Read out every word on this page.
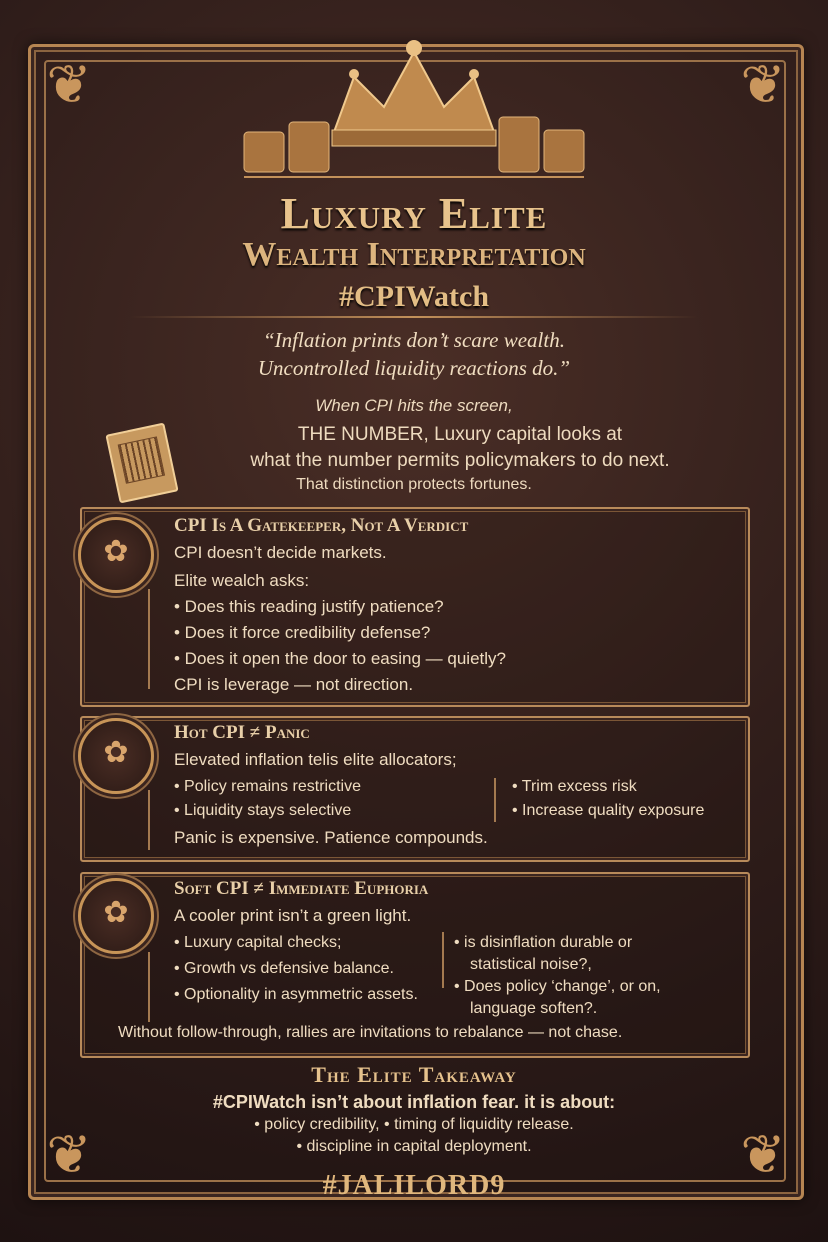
❦	❦
❦	❦
Luxury Elite
Wealth Interpretation
#CPIWatch
“Inflation prints don’t scare wealth.
Uncontrolled liquidity reactions do.”
When CPI hits the screen,
THE NUMBER, Luxury capital looks at
what the number permits policymakers to do next.
That distinction protects fortunes.
✿
CPI Is A Gatekeeper, Not A Verdict
CPI doesn’t decide markets.
Elite wealch asks:
• Does this reading justify patience?
• Does it force credibility defense?
• Does it open the door to easing — quietly?
CPI is leverage — not direction.
✿
Hot CPI ≠ Panic
Elevated inflation telis elite allocators;
• Policy remains restrictive
• Liquidity stays selective
• Trim excess risk
• Increase quality exposure
Panic is expensive. Patience compounds.
✿
Soft CPI ≠ Immediate Euphoria
A cooler print isn’t a green light.
• Luxury capital checks;
• Growth vs defensive balance.
• Optionality in asymmetric assets.
• is disinflation durable or
statistical noise?,
• Does policy ‘change’, or on,
language soften?.
Without follow-through, rallies are invitations to rebalance — not chase.
The Elite Takeaway
#CPIWatch isn’t about inflation fear. it is about:
• policy credibility, • timing of liquidity release.
• discipline in capital deployment.
#JALILORD9
